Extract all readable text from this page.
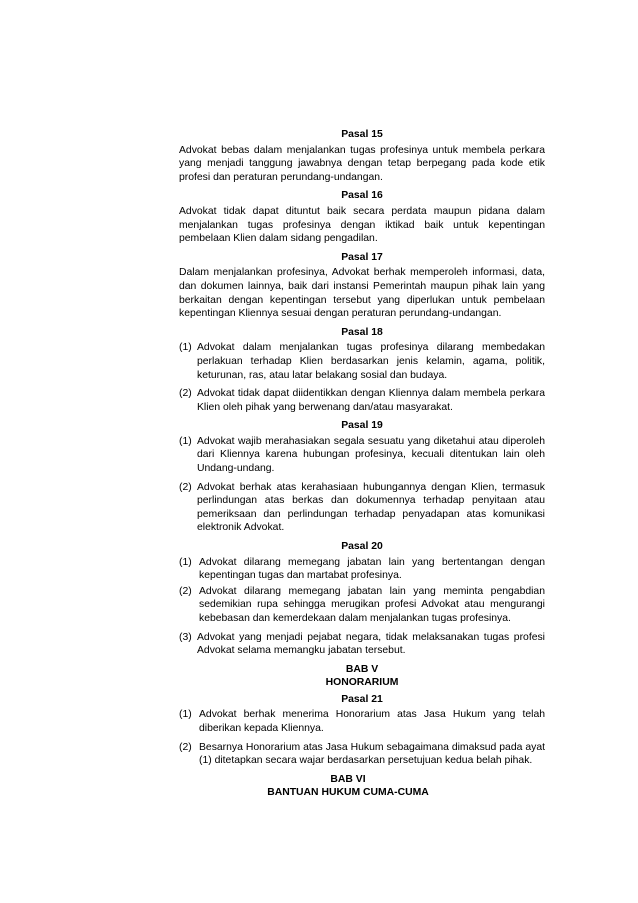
Pasal 15

Advokat bebas dalam menjalankan tugas profesinya untuk membela perkara yang menjadi tanggung jawabnya dengan tetap berpegang pada kode etik profesi dan peraturan perundang-undangan.

Pasal 16

Advokat tidak dapat dituntut baik secara perdata maupun pidana dalam menjalankan tugas profesinya dengan iktikad baik untuk kepentingan pembelaan Klien dalam sidang pengadilan.

Pasal 17

Dalam menjalankan profesinya, Advokat berhak memperoleh informasi, data, dan dokumen lainnya, baik dari instansi Pemerintah maupun pihak lain yang berkaitan dengan kepentingan tersebut yang diperlukan untuk pembelaan kepentingan Kliennya sesuai dengan peraturan perundang-undangan.

Pasal 18
(1) Advokat dalam menjalankan tugas profesinya dilarang membedakan perlakuan terhadap Klien berdasarkan jenis kelamin, agama, politik, keturunan, ras, atau latar belakang sosial dan budaya.
(2) Advokat tidak dapat diidentikkan dengan Kliennya dalam membela perkara Klien oleh pihak yang berwenang dan/atau masyarakat.
Pasal 19
(1) Advokat wajib merahasiakan segala sesuatu yang diketahui atau diperoleh dari Kliennya karena hubungan profesinya, kecuali ditentukan lain oleh Undang-undang.
(2) Advokat berhak atas kerahasiaan hubungannya dengan Klien, termasuk perlindungan atas berkas dan dokumennya terhadap penyitaan atau pemeriksaan dan perlindungan terhadap penyadapan atas komunikasi elektronik Advokat.
Pasal 20
(1) Advokat dilarang memegang jabatan lain yang bertentangan dengan kepentingan tugas dan martabat profesinya.
(2) Advokat dilarang memegang jabatan lain yang meminta pengabdian sedemikian rupa sehingga merugikan profesi Advokat atau mengurangi kebebasan dan kemerdekaan dalam menjalankan tugas profesinya.
(3) Advokat yang menjadi pejabat negara, tidak melaksanakan tugas profesi Advokat selama memangku jabatan tersebut.
BAB V
HONORARIUM
Pasal 21
(1) Advokat berhak menerima Honorarium atas Jasa Hukum yang telah diberikan kepada Kliennya.
(2) Besarnya Honorarium atas Jasa Hukum sebagaimana dimaksud pada ayat (1) ditetapkan secara wajar berdasarkan persetujuan kedua belah pihak.
BAB VI
BANTUAN HUKUM CUMA-CUMA
